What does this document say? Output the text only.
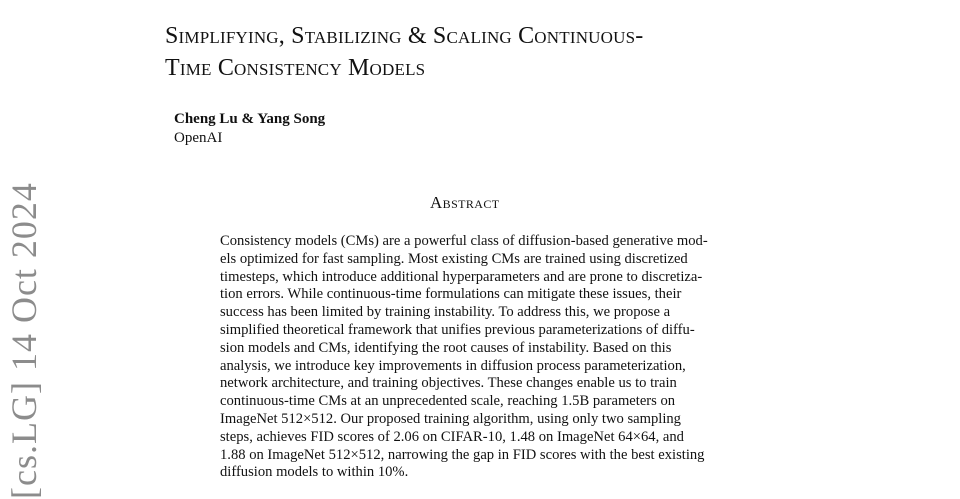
Simplifying, Stabilizing & Scaling Continuous-
Time Consistency Models
Cheng Lu & Yang Song
OpenAI
Abstract
Consistency models (CMs) are a powerful class of diffusion-based generative mod-
els optimized for fast sampling. Most existing CMs are trained using discretized
timesteps, which introduce additional hyperparameters and are prone to discretiza-
tion errors. While continuous-time formulations can mitigate these issues, their
success has been limited by training instability. To address this, we propose a
simplified theoretical framework that unifies previous parameterizations of diffu-
sion models and CMs, identifying the root causes of instability. Based on this
analysis, we introduce key improvements in diffusion process parameterization,
network architecture, and training objectives. These changes enable us to train
continuous-time CMs at an unprecedented scale, reaching 1.5B parameters on
ImageNet 512×512. Our proposed training algorithm, using only two sampling
steps, achieves FID scores of 2.06 on CIFAR-10, 1.48 on ImageNet 64×64, and
1.88 on ImageNet 512×512, narrowing the gap in FID scores with the best existing
diffusion models to within 10%.
[cs.LG] 14 Oct 2024
